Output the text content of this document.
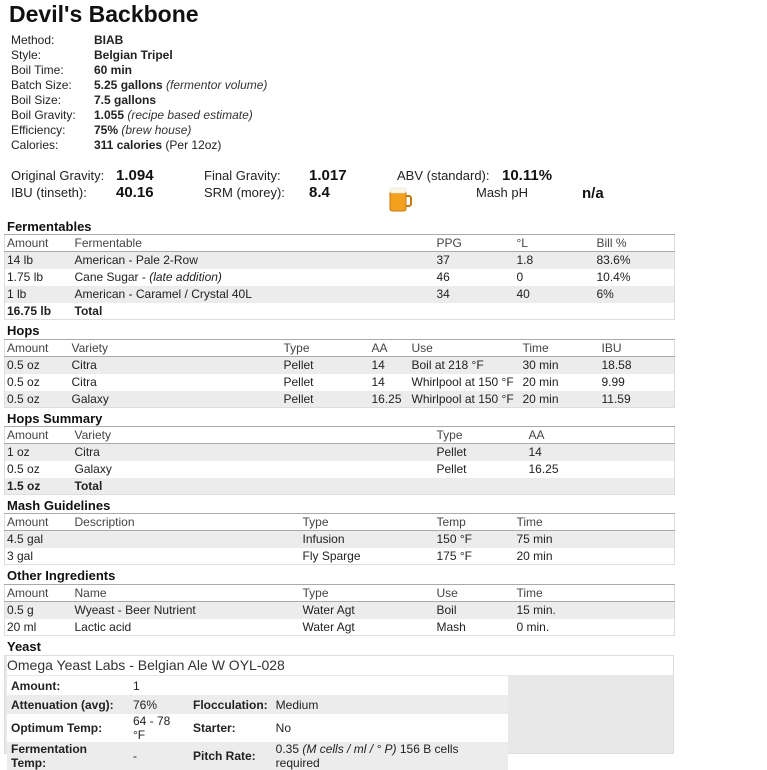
Devil's Backbone
Method:	BIAB
Style:	Belgian Tripel
Boil Time:	60 min
Batch Size: 5.25 gallons (fermentor volume)
Boil Size:	7.5 gallons
Boil Gravity: 1.055 (recipe based estimate)
Efficiency: 75% (brew house)
Calories:	311 calories (Per 12oz)
Original Gravity: 1.094
IBU (tinseth): 40.16
Final Gravity: 1.017
SRM (morey): 8.4
ABV (standard): 10.11%
Mash pH	n/a
Fermentables
Amount	Fermentable	PPG	°L	Bill %
14 lb	American - Pale 2-Row	37	1.8	83.6%
1.75 lb	Cane Sugar - (late addition)	46	0	10.4%
1 lb	American - Caramel / Crystal 40L	34	40	6%
16.75 lb	Total			
Hops
Amount	Variety	Type	AA	Use	Time	IBU
0.5 oz	Citra	Pellet	14	Boil at 218 °F	30 min	18.58
0.5 oz	Citra	Pellet	14	Whirlpool at 150 °F	20 min	9.99
0.5 oz	Galaxy	Pellet	16.25	Whirlpool at 150 °F	20 min	11.59
Hops Summary
Amount	Variety	Type	AA
1 oz	Citra	Pellet	14
0.5 oz	Galaxy	Pellet	16.25
1.5 oz	Total		
Mash Guidelines
Amount	Description	Type	Temp	Time
4.5 gal		Infusion	150 °F	75 min
3 gal		Fly Sparge	175 °F	20 min
Other Ingredients
Amount	Name	Type	Use	Time
0.5 g	Wyeast - Beer Nutrient	Water Agt	Boil	15 min.
20 ml	Lactic acid	Water Agt	Mash	0 min.
Yeast
Omega Yeast Labs - Belgian Ale W OYL-028
Amount:	1		
Attenuation (avg):	76%	Flocculation:	Medium
Optimum Temp:	64 - 78 °F	Starter:	No
Fermentation Temp:	-	Pitch Rate:	0.35 (M cells / ml / ° P) 156 B cells required
